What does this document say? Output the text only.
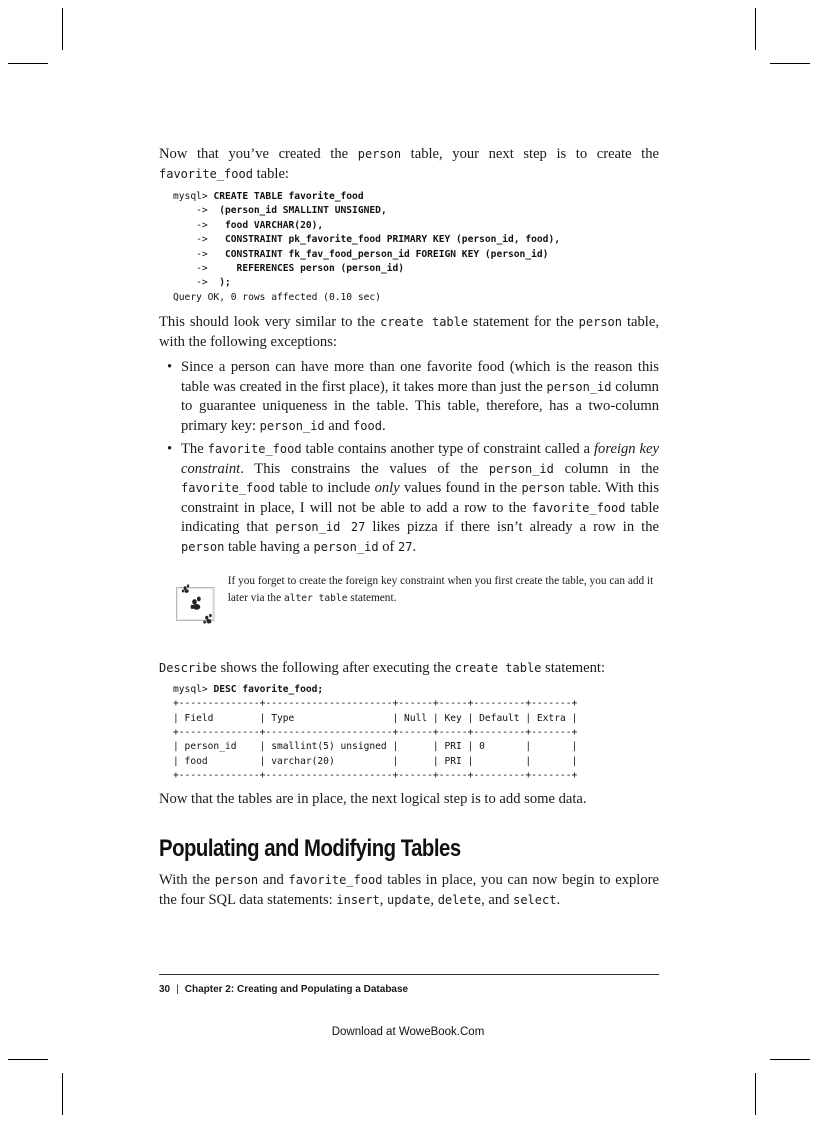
Now that you’ve created the person table, your next step is to create the favorite_food table:

mysql> CREATE TABLE favorite_food
->  (person_id SMALLINT UNSIGNED,
->   food VARCHAR(20),
->   CONSTRAINT pk_favorite_food PRIMARY KEY (person_id, food),
->   CONSTRAINT fk_fav_food_person_id FOREIGN KEY (person_id)
->     REFERENCES person (person_id)
->  );
Query OK, 0 rows affected (0.10 sec)

This should look very similar to the create table statement for the person table, with the following exceptions:

• Since a person can have more than one favorite food (which is the reason this table was created in the first place), it takes more than just the person_id column to guarantee uniqueness in the table. This table, therefore, has a two-column primary key: person_id and food.
• The favorite_food table contains another type of constraint called a foreign key constraint. This constrains the values of the person_id column in the favorite_food table to include only values found in the person table. With this constraint in place, I will not be able to add a row to the favorite_food table indicating that person_id 27 likes pizza if there isn’t already a row in the person table having a person_id of 27.
If you forget to create the foreign key constraint when you first create the table, you can add it later via the alter table statement.

Describe shows the following after executing the create table statement:

mysql> DESC favorite_food;
+--------------+----------------------+------+-----+---------+-------+
| Field        | Type                 | Null | Key | Default | Extra |
+--------------+----------------------+------+-----+---------+-------+
| person_id    | smallint(5) unsigned |      | PRI | 0       |       |
| food         | varchar(20)          |      | PRI |         |       |
+--------------+----------------------+------+-----+---------+-------+

Now that the tables are in place, the next logical step is to add some data.

Populating and Modifying Tables

With the person and favorite_food tables in place, you can now begin to explore the four SQL data statements: insert, update, delete, and select.

30 | Chapter 2: Creating and Populating a Database
Download at WoweBook.Com
